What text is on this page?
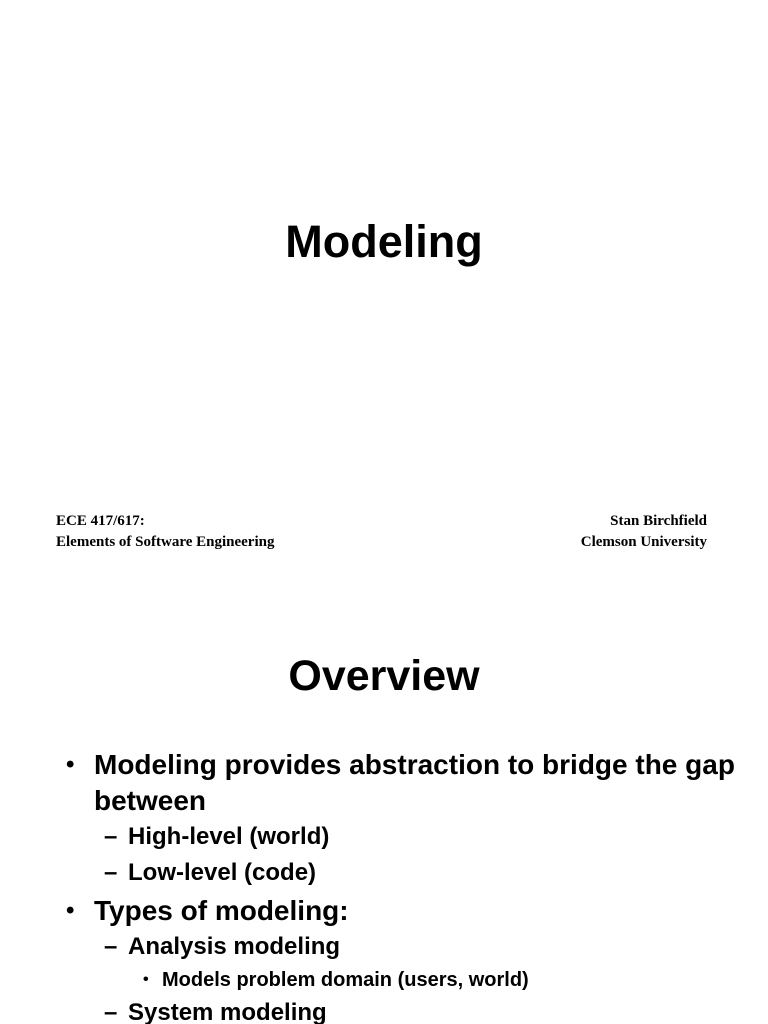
Modeling
ECE 417/617:
Elements of Software Engineering
Stan Birchfield
Clemson University
Overview
• Modeling provides abstraction to bridge the gap between
– High-level (world)
– Low-level (code)
• Types of modeling:
– Analysis modeling
• Models problem domain (users, world)
– System modeling
